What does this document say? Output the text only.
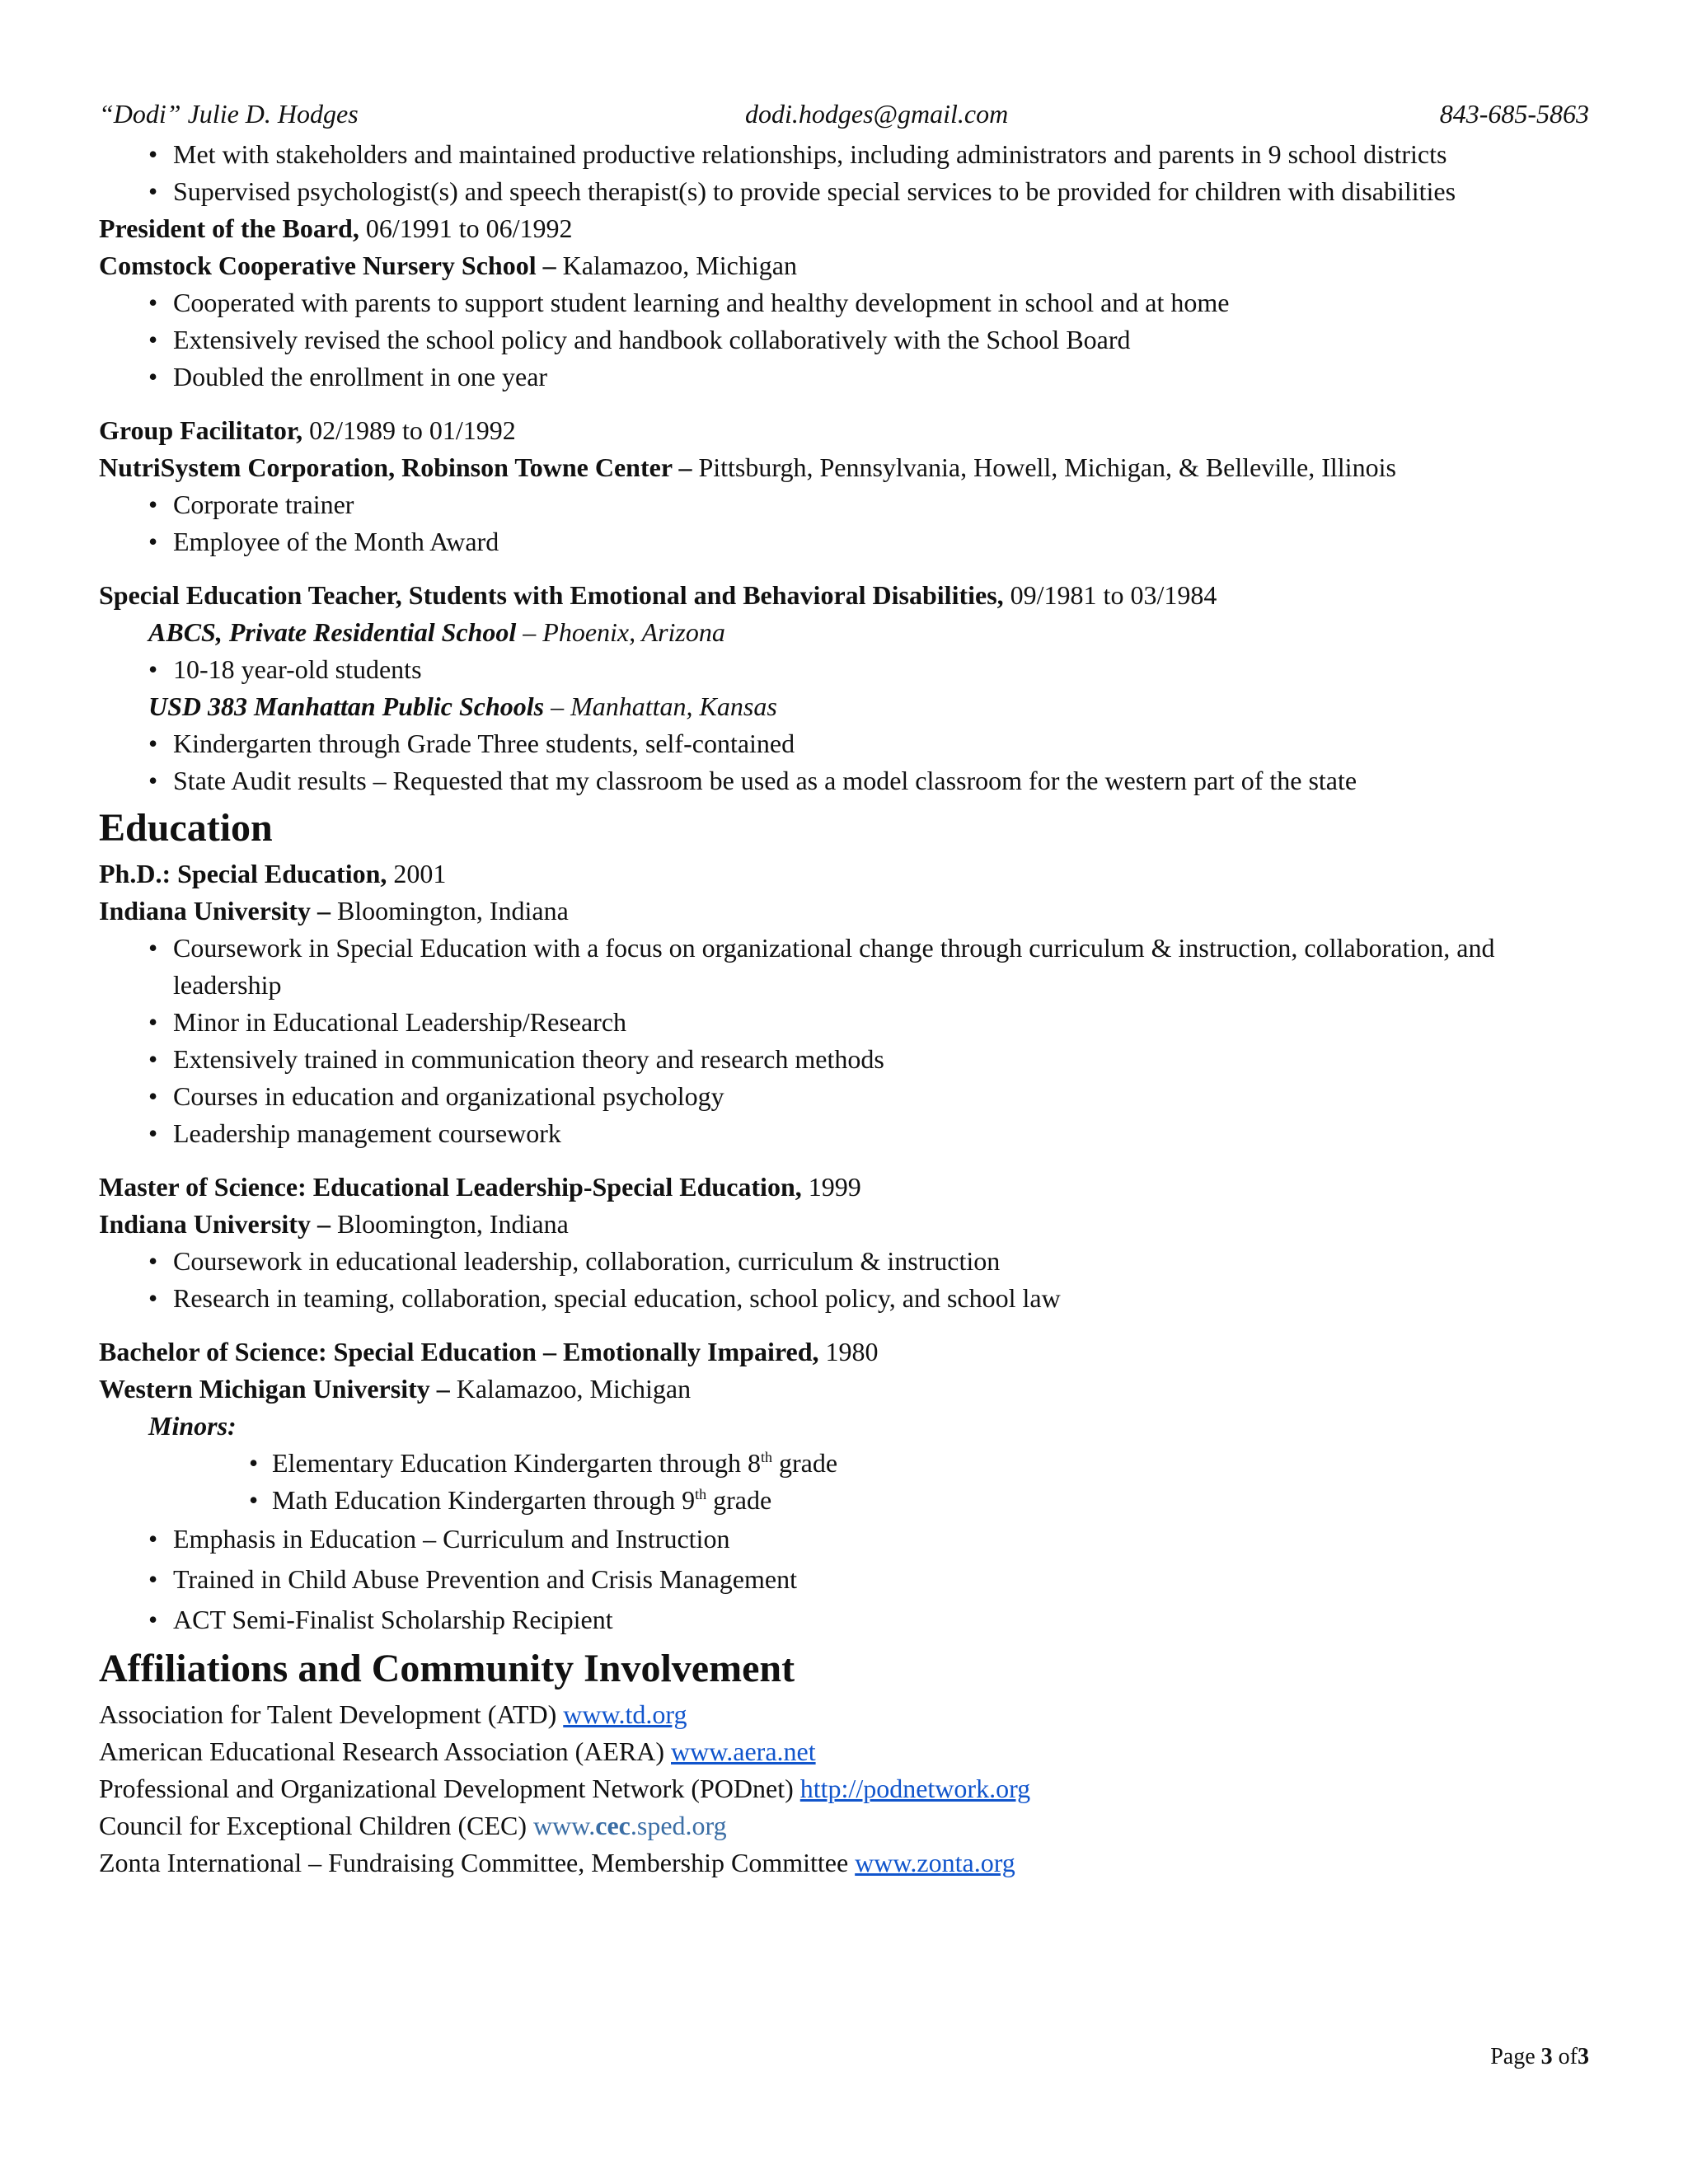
“Dodi” Julie D. Hodges	dodi.hodges@gmail.com	843-685-5863
• Met with stakeholders and maintained productive relationships, including administrators and parents in 9 school districts
• Supervised psychologist(s) and speech therapist(s) to provide special services to be provided for children with disabilities
President of the Board, 06/1991 to 06/1992
Comstock Cooperative Nursery School – Kalamazoo, Michigan
• Cooperated with parents to support student learning and healthy development in school and at home
• Extensively revised the school policy and handbook collaboratively with the School Board
• Doubled the enrollment in one year
Group Facilitator, 02/1989 to 01/1992
NutriSystem Corporation, Robinson Towne Center – Pittsburgh, Pennsylvania, Howell, Michigan, & Belleville, Illinois
• Corporate trainer
• Employee of the Month Award
Special Education Teacher, Students with Emotional and Behavioral Disabilities, 09/1981 to 03/1984
ABCS, Private Residential School – Phoenix, Arizona
• 10-18 year-old students
USD 383 Manhattan Public Schools – Manhattan, Kansas
• Kindergarten through Grade Three students, self-contained
• State Audit results – Requested that my classroom be used as a model classroom for the western part of the state
Education
Ph.D.: Special Education, 2001
Indiana University – Bloomington, Indiana
• Coursework in Special Education with a focus on organizational change through curriculum & instruction, collaboration, and leadership
• Minor in Educational Leadership/Research
• Extensively trained in communication theory and research methods
• Courses in education and organizational psychology
• Leadership management coursework
Master of Science: Educational Leadership-Special Education, 1999
Indiana University – Bloomington, Indiana
• Coursework in educational leadership, collaboration, curriculum & instruction
• Research in teaming, collaboration, special education, school policy, and school law
Bachelor of Science: Special Education – Emotionally Impaired, 1980
Western Michigan University – Kalamazoo, Michigan
Minors:
• Elementary Education Kindergarten through 8th grade
• Math Education Kindergarten through 9th grade
• Emphasis in Education – Curriculum and Instruction
• Trained in Child Abuse Prevention and Crisis Management
• ACT Semi-Finalist Scholarship Recipient
Affiliations and Community Involvement
Association for Talent Development (ATD) www.td.org
American Educational Research Association (AERA) www.aera.net
Professional and Organizational Development Network (PODnet) http://podnetwork.org
Council for Exceptional Children (CEC) www.cec.sped.org
Zonta International – Fundraising Committee, Membership Committee www.zonta.org
Page 3 of3
